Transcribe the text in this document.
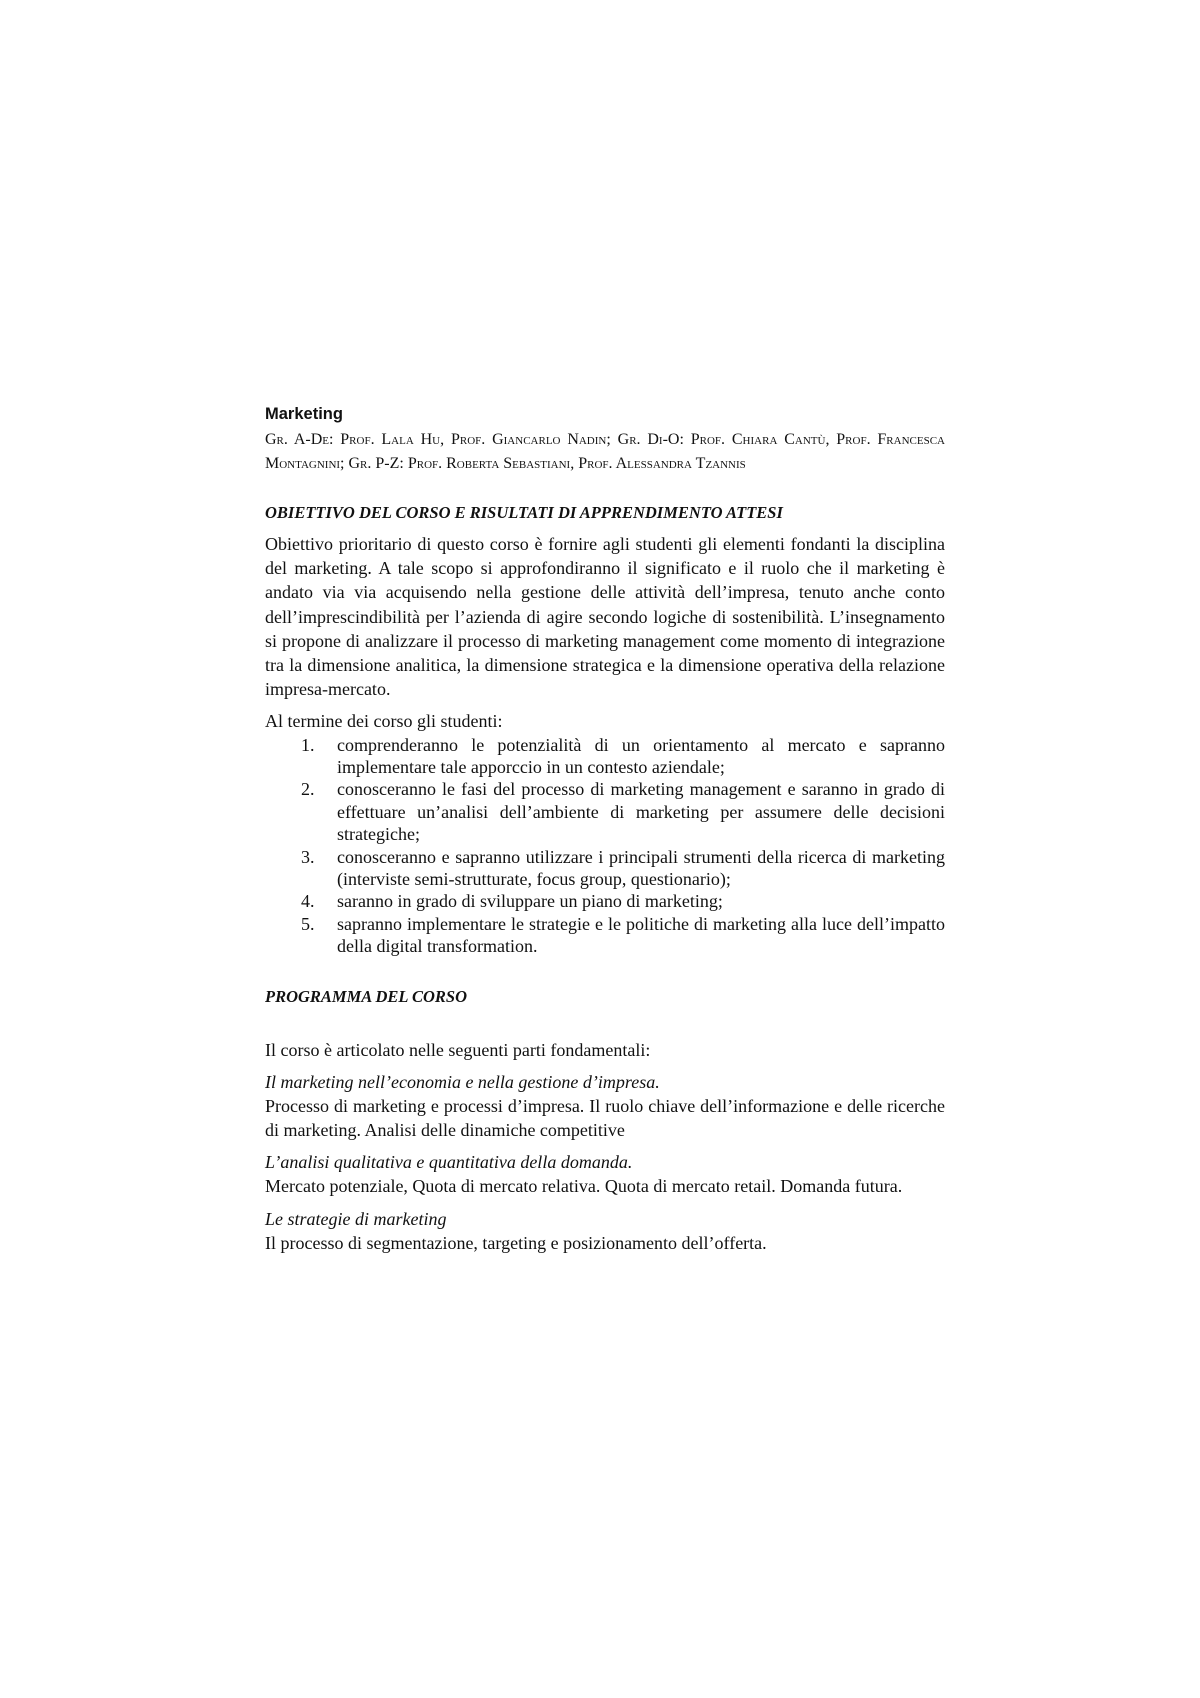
Marketing

Gr. A-De: Prof. Lala Hu, Prof. Giancarlo Nadin; Gr. Di-O: Prof. Chiara Cantù, Prof. Francesca Montagnini; Gr. P-Z: Prof. Roberta Sebastiani, Prof. Alessandra Tzannis

OBIETTIVO DEL CORSO E RISULTATI DI APPRENDIMENTO ATTESI

Obiettivo prioritario di questo corso è fornire agli studenti gli elementi fondanti la disciplina del marketing. A tale scopo si approfondiranno il significato e il ruolo che il marketing è andato via via acquisendo nella gestione delle attività dell’impresa, tenuto anche conto dell’imprescindibilità per l’azienda di agire secondo logiche di sostenibilità. L’insegnamento si propone di analizzare il processo di marketing management come momento di integrazione tra la dimensione analitica, la dimensione strategica e la dimensione operativa della relazione impresa-mercato.

Al termine dei corso gli studenti:

1. comprenderanno le potenzialità di un orientamento al mercato e sapranno implementare tale apporccio in un contesto aziendale;
2. conosceranno le fasi del processo di marketing management e saranno in grado di effettuare un’analisi dell’ambiente di marketing per assumere delle decisioni strategiche;
3. conosceranno e sapranno utilizzare i principali strumenti della ricerca di marketing (interviste semi-strutturate, focus group, questionario);
4. saranno in grado di sviluppare un piano di marketing;
5. sapranno implementare le strategie e le politiche di marketing alla luce dell’impatto della digital transformation.
PROGRAMMA DEL CORSO

Il corso è articolato nelle seguenti parti fondamentali:

Il marketing nell’economia e nella gestione d’impresa.

Processo di marketing e processi d’impresa. Il ruolo chiave dell’informazione e delle ricerche di marketing. Analisi delle dinamiche competitive

L’analisi qualitativa e quantitativa della domanda.

Mercato potenziale, Quota di mercato relativa. Quota di mercato retail. Domanda futura.

Le strategie di marketing

Il processo di segmentazione, targeting e posizionamento dell’offerta.
